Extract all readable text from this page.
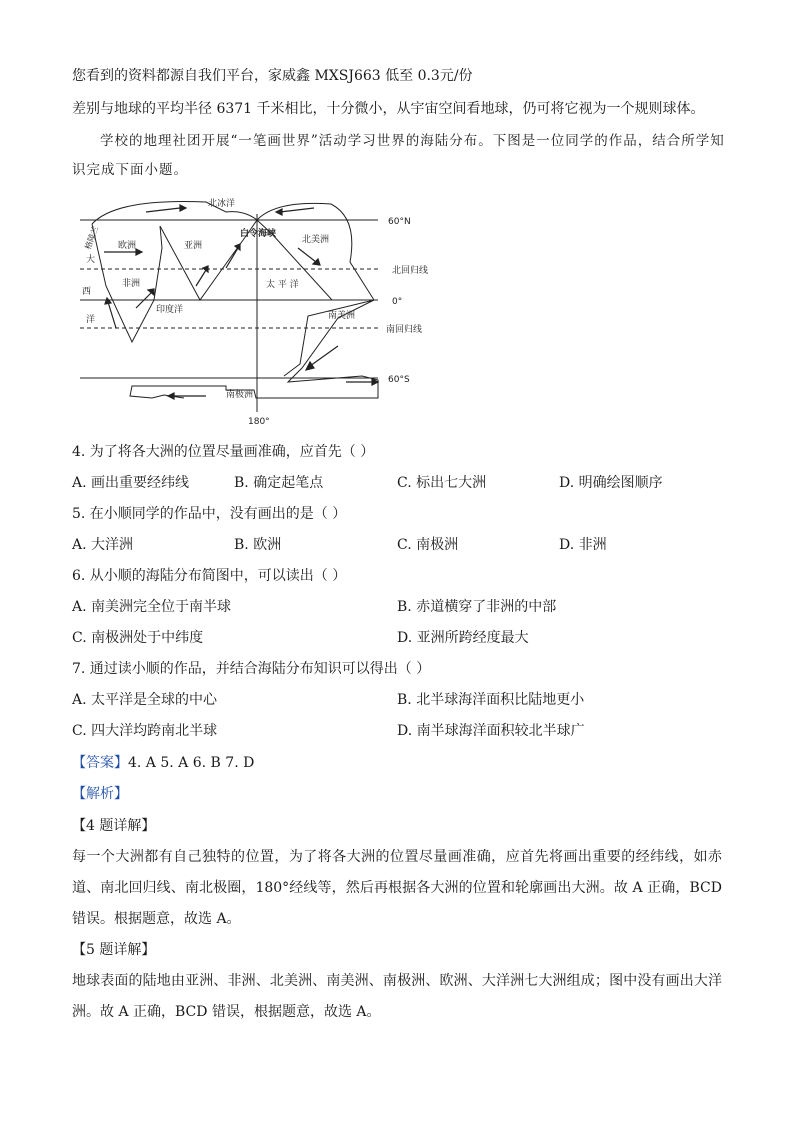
您看到的资料都源自我们平台，家威鑫 MXSJ663 低至 0.3元/份
差别与地球的平均半径 6371 千米相比，十分微小，从宇宙空间看地球，仍可将它视为一个规则球体。
学校的地理社团开展“一笔画世界”活动学习世界的海陆分布。下图是一位同学的作品，结合所学知
识完成下面小题。
北冰洋
白令海峡
60°N
北回归线
0°
南回归线
60°S
180°
欧洲	亚洲
非洲
印度洋
北美洲
太 平 洋
南美洲
南极洲
大
西
洋
格陵兰
4. 为了将各大洲的位置尽量画准确，应首先（ ）
A. 画出重要经纬线	B. 确定起笔点	C. 标出七大洲	D. 明确绘图顺序
5. 在小顺同学的作品中，没有画出的是（ ）
A. 大洋洲	B. 欧洲	C. 南极洲	D. 非洲
6. 从小顺的海陆分布简图中，可以读出（ ）
A. 南美洲完全位于南半球	B. 赤道横穿了非洲的中部
C. 南极洲处于中纬度	D. 亚洲所跨经度最大
7. 通过读小顺的作品，并结合海陆分布知识可以得出（ ）
A. 太平洋是全球的中心	B. 北半球海洋面积比陆地更小
C. 四大洋均跨南北半球	D. 南半球海洋面积较北半球广
【答案】4. A 5. A 6. B 7. D
【解析】
【4 题详解】
每一个大洲都有自己独特的位置，为了将各大洲的位置尽量画准确，应首先将画出重要的经纬线，如赤道、南北回归线、南北极圈，180°经线等，然后再根据各大洲的位置和轮廓画出大洲。故 A 正确，BCD 错误。根据题意，故选 A。
【5 题详解】
地球表面的陆地由亚洲、非洲、北美洲、南美洲、南极洲、欧洲、大洋洲七大洲组成；图中没有画出大洋洲。故 A 正确，BCD 错误，根据题意，故选 A。
